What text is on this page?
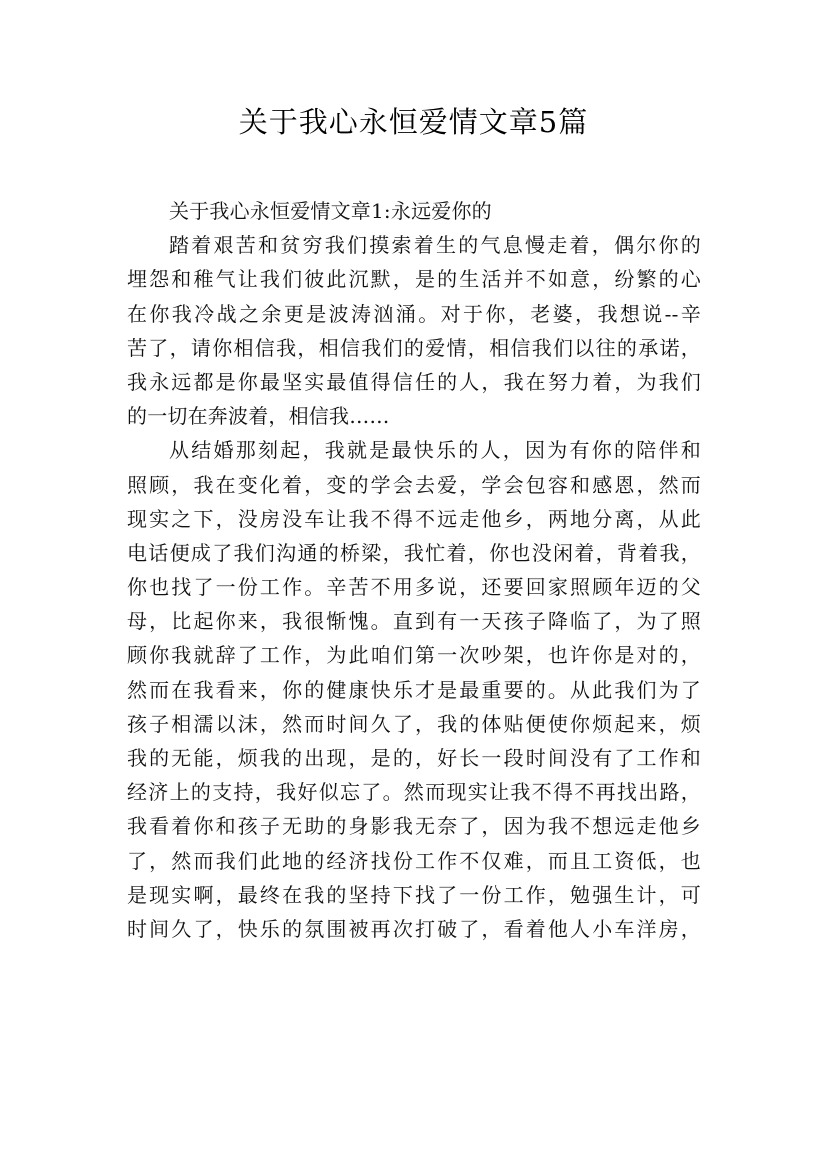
关于我心永恒爱情文章5篇
关于我心永恒爱情文章1:永远爱你的
踏着艰苦和贫穷我们摸索着生的气息慢走着，偶尔你的
埋怨和稚气让我们彼此沉默，是的生活并不如意，纷繁的心
在你我冷战之余更是波涛汹涌。对于你，老婆，我想说--辛
苦了，请你相信我，相信我们的爱情，相信我们以往的承诺，
我永远都是你最坚实最值得信任的人，我在努力着，为我们
的一切在奔波着，相信我……
从结婚那刻起，我就是最快乐的人，因为有你的陪伴和
照顾，我在变化着，变的学会去爱，学会包容和感恩，然而
现实之下，没房没车让我不得不远走他乡，两地分离，从此
电话便成了我们沟通的桥梁，我忙着，你也没闲着，背着我，
你也找了一份工作。辛苦不用多说，还要回家照顾年迈的父
母，比起你来，我很惭愧。直到有一天孩子降临了，为了照
顾你我就辞了工作，为此咱们第一次吵架，也许你是对的，
然而在我看来，你的健康快乐才是最重要的。从此我们为了
孩子相濡以沫，然而时间久了，我的体贴便使你烦起来，烦
我的无能，烦我的出现，是的，好长一段时间没有了工作和
经济上的支持，我好似忘了。然而现实让我不得不再找出路，
我看着你和孩子无助的身影我无奈了，因为我不想远走他乡
了，然而我们此地的经济找份工作不仅难，而且工资低，也
是现实啊，最终在我的坚持下找了一份工作，勉强生计，可
时间久了，快乐的氛围被再次打破了，看着他人小车洋房，
